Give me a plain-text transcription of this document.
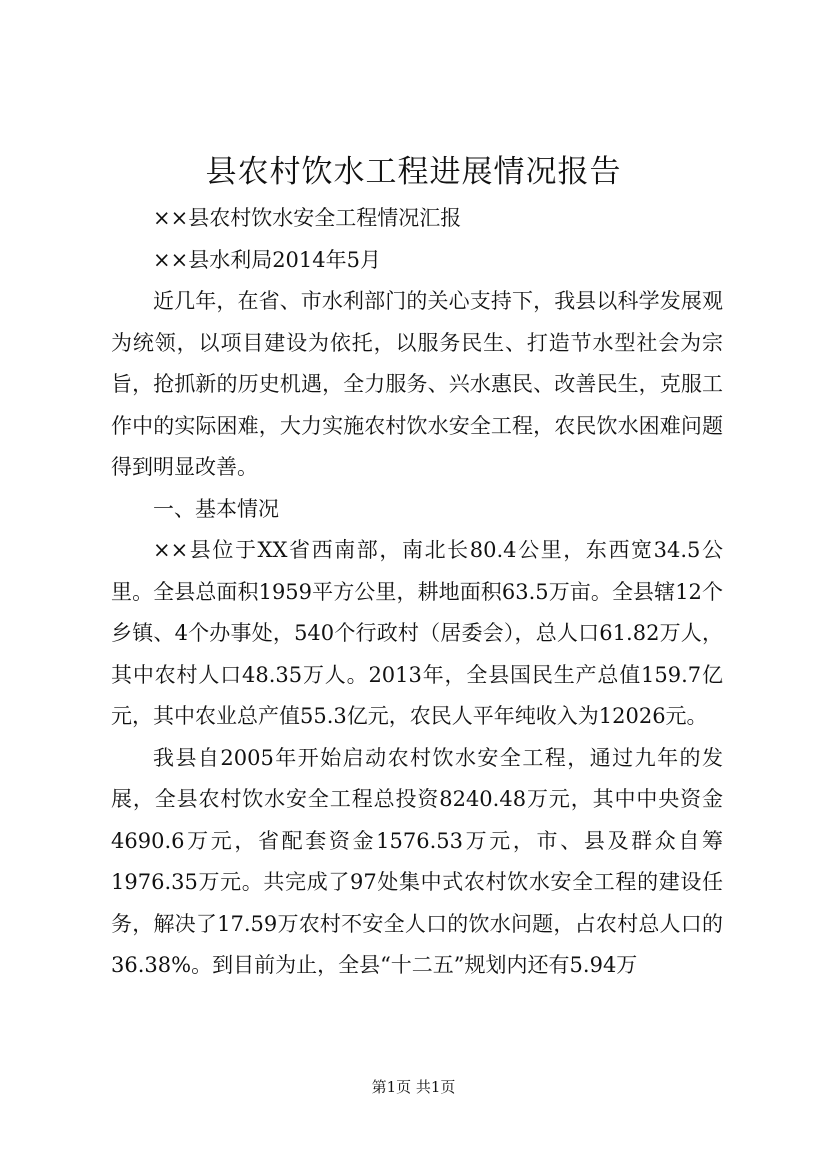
县农村饮水工程进展情况报告

××县农村饮水安全工程情况汇报

××县水利局2014年5月

近几年，在省、市水利部门的关心支持下，我县以科学发展观为统领，以项目建设为依托，以服务民生、打造节水型社会为宗旨，抢抓新的历史机遇，全力服务、兴水惠民、改善民生，克服工作中的实际困难，大力实施农村饮水安全工程，农民饮水困难问题得到明显改善。

一、基本情况

××县位于XX省西南部，南北长80.4公里，东西宽34.5公里。全县总面积1959平方公里，耕地面积63.5万亩。全县辖12个乡镇、4个办事处，540个行政村（居委会），总人口61.82万人，其中农村人口48.35万人。2013年，全县国民生产总值159.7亿元，其中农业总产值55.3亿元，农民人平年纯收入为12026元。

我县自2005年开始启动农村饮水安全工程，通过九年的发展，全县农村饮水安全工程总投资8240.48万元，其中中央资金4690.6万元，省配套资金1576.53万元，市、县及群众自筹1976.35万元。共完成了97处集中式农村饮水安全工程的建设任务，解决了17.59万农村不安全人口的饮水问题，占农村总人口的36.38%。到目前为止，全县“十二五”规划内还有5.94万

第1页 共1页
